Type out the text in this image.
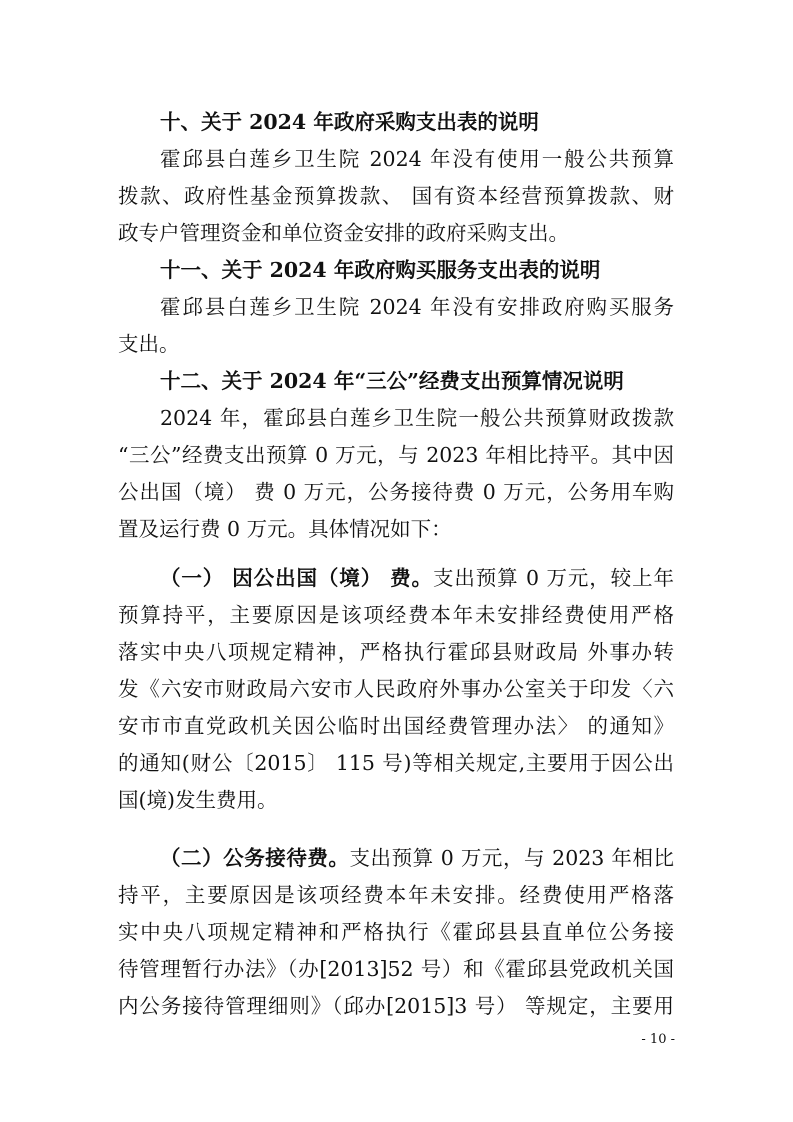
十、关于 2024 年政府采购支出表的说明
霍邱县白莲乡卫生院 2024 年没有使用一般公共预算
拨款、政府性基金预算拨款、 国有资本经营预算拨款、财
政专户管理资金和单位资金安排的政府采购支出。
十一、关于 2024 年政府购买服务支出表的说明
霍邱县白莲乡卫生院 2024 年没有安排政府购买服务
支出。
十二、关于 2024 年“三公”经费支出预算情况说明
2024 年，霍邱县白莲乡卫生院一般公共预算财政拨款
“三公”经费支出预算 0 万元，与 2023 年相比持平。其中因
公出国（境） 费 0 万元，公务接待费 0 万元，公务用车购
置及运行费 0 万元。具体情况如下：
（一） 因公出国（境） 费。支出预算 0 万元，较上年
预算持平，主要原因是该项经费本年未安排经费使用严格
落实中央八项规定精神，严格执行霍邱县财政局 外事办转
发《六安市财政局六安市人民政府外事办公室关于印发〈六
安市市直党政机关因公临时出国经费管理办法〉 的通知》
的通知(财公〔2015〕 115 号)等相关规定,主要用于因公出
国(境)发生费用。
（二）公务接待费。支出预算 0 万元，与 2023 年相比
持平，主要原因是该项经费本年未安排。经费使用严格落
实中央八项规定精神和严格执行《霍邱县县直单位公务接
待管理暂行办法》（办[2013]52 号）和《霍邱县党政机关国
内公务接待管理细则》（邱办[2015]3 号） 等规定，主要用
- 10 -
